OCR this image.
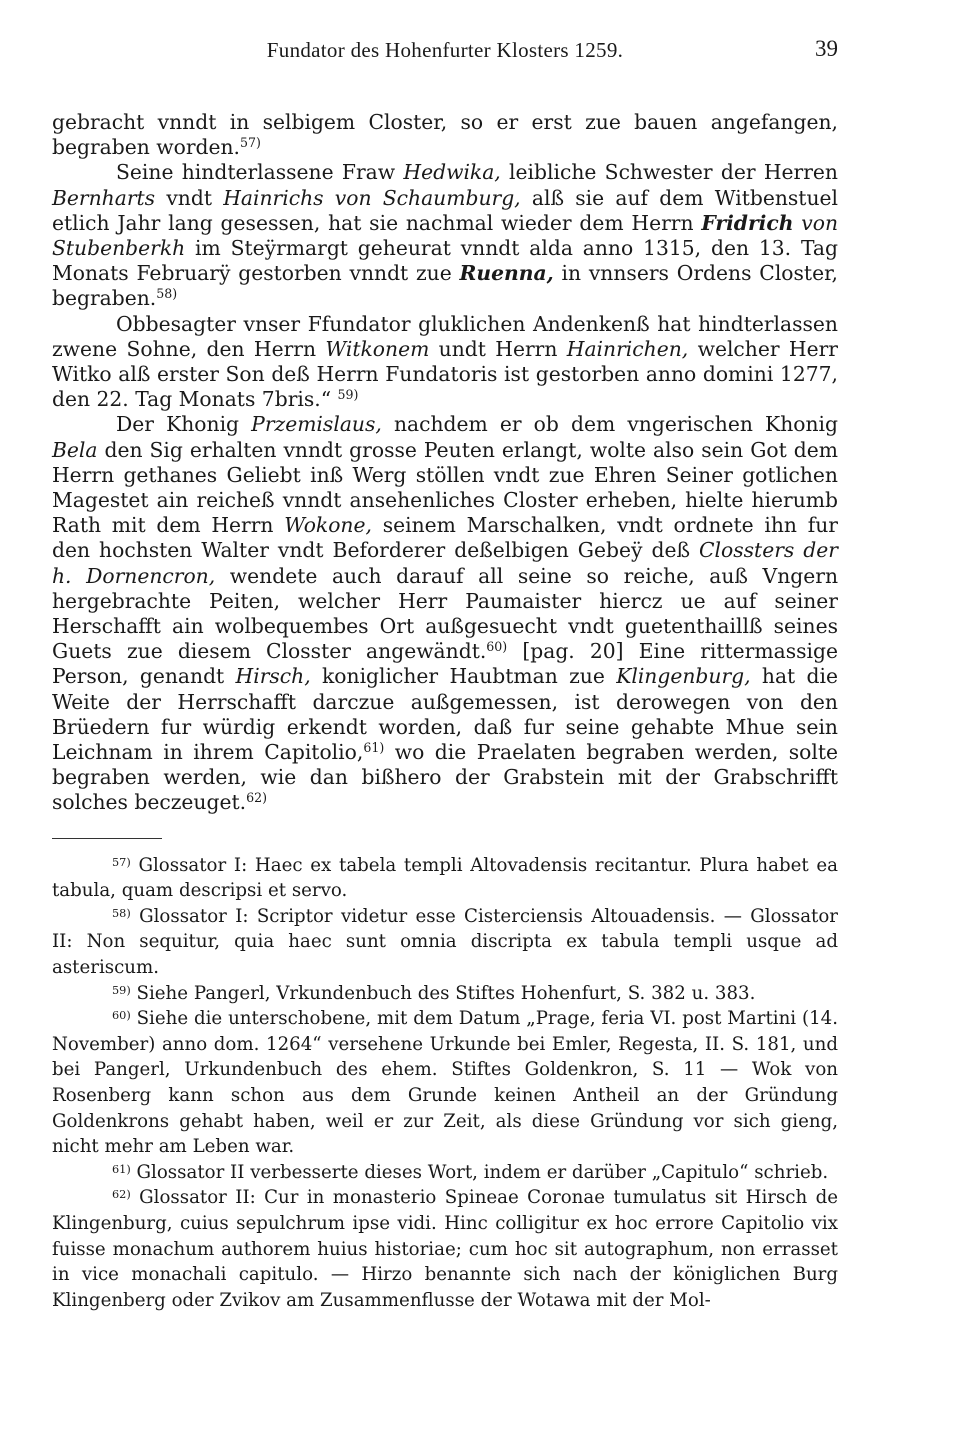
Fundator des Hohenfurter Klosters 1259.	39

gebracht vnndt in selbigem Closter, so er erst zue bauen angefangen, begraben worden.$^{57)}$

Seine hindterlassene Fraw Hedwika, leibliche Schwester der Herren Bernharts vndt Hainrichs von Schaumburg, alß sie auf dem Witbenstuel etlich Jahr lang gesessen, hat sie nachmal wieder dem Herrn Fridrich von Stubenberkh im Steÿrmargt geheurat vnndt alda anno 1315, den 13. Tag Monats Februarÿ gestorben vnndt zue Ruenna, in vnnsers Ordens Closter, begraben.$^{58)}$

Obbesagter vnser Ffundator gluklichen Andenkenß hat hindterlassen zwene Sohne, den Herrn Witkonem undt Herrn Hainrichen, welcher Herr Witko alß erster Son deß Herrn Fundatoris ist gestorben anno domini 1277, den 22. Tag Monats 7bris.“ $^{59)}$

Der Khonig Przemislaus, nachdem er ob dem vngerischen Khonig Bela den Sig erhalten vnndt grosse Peuten erlangt, wolte also sein Got dem Herrn gethanes Geliebt inß Werg stöllen vndt zue Ehren Seiner gotlichen Magestet ain reicheß vnndt ansehenliches Closter erheben, hielte hierumb Rath mit dem Herrn Wokone, seinem Marschalken, vndt ordnete ihn fur den hochsten Walter vndt Beforderer deßelbigen Gebeÿ deß Clossters der h. Dornencron, wendete auch darauf all seine so reiche, auß Vngern hergebrachte Peiten, welcher Herr Paumaister hiercz ue auf seiner Herschafft ain wolbequembes Ort außgesuecht vndt guetenthaillß seines Guets zue diesem Closster angewändt.$^{60)}$ [pag. 20] Eine rittermassige Person, genandt Hirsch, koniglicher Haubtman zue Klingenburg, hat die Weite der Herrschafft darczue außgemessen, ist derowegen von den Brüedern fur würdig erkendt worden, daß fur seine gehabte Mhue sein Leichnam in ihrem Capitolio,$^{61)}$ wo die Praelaten begraben werden, solte begraben werden, wie dan bißhero der Grabstein mit der Grabschrifft solches beczeuget.$^{62)}$

$^{57)}$ Glossator I: Haec ex tabela templi Altovadensis recitantur. Plura habet ea tabula, quam descripsi et servo.

$^{58)}$ Glossator I: Scriptor videtur esse Cisterciensis Altouadensis. — Glossator II: Non sequitur, quia haec sunt omnia discripta ex tabula templi usque ad asteriscum.

$^{59)}$ Siehe Pangerl, Vrkundenbuch des Stiftes Hohenfurt, S. 382 u. 383.

$^{60)}$ Siehe die unterschobene, mit dem Datum „Prage, feria VI. post Martini (14. November) anno dom. 1264“ versehene Urkunde bei Emler, Regesta, II. S. 181, und bei Pangerl, Urkundenbuch des ehem. Stiftes Goldenkron, S. 11 — Wok von Rosenberg kann schon aus dem Grunde keinen Antheil an der Gründung Goldenkrons gehabt haben, weil er zur Zeit, als diese Gründung vor sich gieng, nicht mehr am Leben war.

$^{61)}$ Glossator II verbesserte dieses Wort, indem er darüber „Capitulo“ schrieb.

$^{62)}$ Glossator II: Cur in monasterio Spineae Coronae tumulatus sit Hirsch de Klingenburg, cuius sepulchrum ipse vidi. Hinc colligitur ex hoc errore Capitolio vix fuisse monachum authorem huius historiae; cum hoc sit autographum, non errasset in vice monachali capitulo. — Hirzo benannte sich nach der königlichen Burg Klingenberg oder Zvikov am Zusammenflusse der Wotawa mit der Mol-
